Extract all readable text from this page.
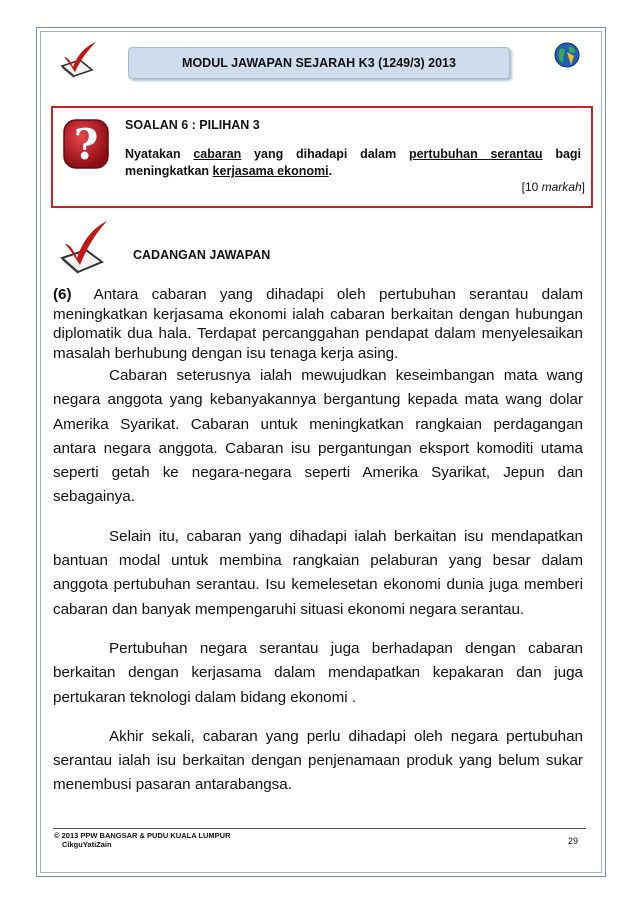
MODUL JAWAPAN SEJARAH K3 (1249/3) 2013
? SOALAN 6 : PILIHAN 3
Nyatakan cabaran yang dihadapi dalam pertubuhan serantau bagi
meningkatkan kerjasama ekonomi.
[10 markah]
CADANGAN JAWAPAN

(6) Antara cabaran yang dihadapi oleh pertubuhan serantau dalam meningkatkan kerjasama ekonomi ialah cabaran berkaitan dengan hubungan diplomatik dua hala. Terdapat percanggahan pendapat dalam menyelesaikan masalah berhubung dengan isu tenaga kerja asing.

Cabaran seterusnya ialah mewujudkan keseimbangan mata wang negara anggota yang kebanyakannya bergantung kepada mata wang dolar Amerika Syarikat. Cabaran untuk meningkatkan rangkaian perdagangan antara negara anggota. Cabaran isu pergantungan eksport komoditi utama seperti getah ke negara-negara seperti Amerika Syarikat, Jepun dan sebagainya.

Selain itu, cabaran yang dihadapi ialah berkaitan isu mendapatkan bantuan modal untuk membina rangkaian pelaburan yang besar dalam anggota pertubuhan serantau. Isu kemelesetan ekonomi dunia juga memberi cabaran dan banyak mempengaruhi situasi ekonomi negara serantau.

Pertubuhan negara serantau juga berhadapan dengan cabaran berkaitan dengan kerjasama dalam mendapatkan kepakaran dan juga pertukaran teknologi dalam bidang ekonomi .

Akhir sekali, cabaran yang perlu dihadapi oleh negara pertubuhan serantau ialah isu berkaitan dengan penjenamaan produk yang belum sukar menembusi pasaran antarabangsa.

© 2013 PPW BANGSAR & PUDU KUALA LUMPUR
CikguYatiZain	29
